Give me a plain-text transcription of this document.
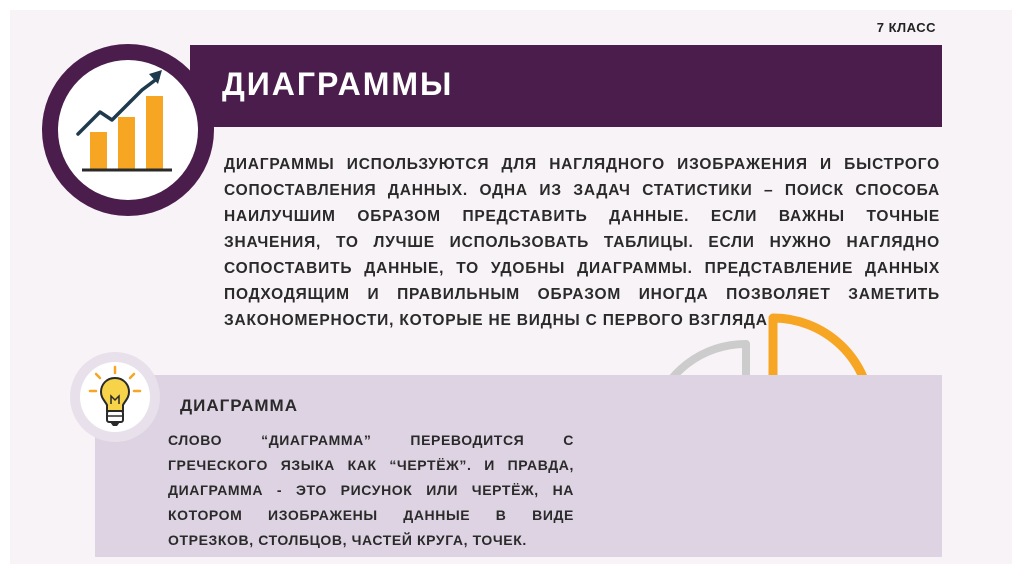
7 КЛАСС
ДИАГРАММЫ
ДИАГРАММЫ ИСПОЛЬЗУЮТСЯ ДЛЯ НАГЛЯДНОГО ИЗОБРАЖЕНИЯ И БЫСТРОГО СОПОСТАВЛЕНИЯ ДАННЫХ. ОДНА ИЗ ЗАДАЧ СТАТИСТИКИ – ПОИСК СПОСОБА НАИЛУЧШИМ ОБРАЗОМ ПРЕДСТАВИТЬ ДАННЫЕ. ЕСЛИ ВАЖНЫ ТОЧНЫЕ ЗНАЧЕНИЯ, ТО ЛУЧШЕ ИСПОЛЬЗОВАТЬ ТАБЛИЦЫ. ЕСЛИ НУЖНО НАГЛЯДНО СОПОСТАВИТЬ ДАННЫЕ, ТО УДОБНЫ ДИАГРАММЫ. ПРЕДСТАВЛЕНИЕ ДАННЫХ ПОДХОДЯЩИМ И ПРАВИЛЬНЫМ ОБРАЗОМ ИНОГДА ПОЗВОЛЯЕТ ЗАМЕТИТЬ ЗАКОНОМЕРНОСТИ, КОТОРЫЕ НЕ ВИДНЫ С ПЕРВОГО ВЗГЛЯДА.
ДИАГРАММА
СЛОВО “ДИАГРАММА” ПЕРЕВОДИТСЯ С ГРЕЧЕСКОГО ЯЗЫКА КАК “ЧЕРТЁЖ”. И ПРАВДА, ДИАГРАММА - ЭТО РИСУНОК ИЛИ ЧЕРТЁЖ, НА КОТОРОМ ИЗОБРАЖЕНЫ ДАННЫЕ В ВИДЕ ОТРЕЗКОВ, СТОЛБЦОВ, ЧАСТЕЙ КРУГА, ТОЧЕК.
